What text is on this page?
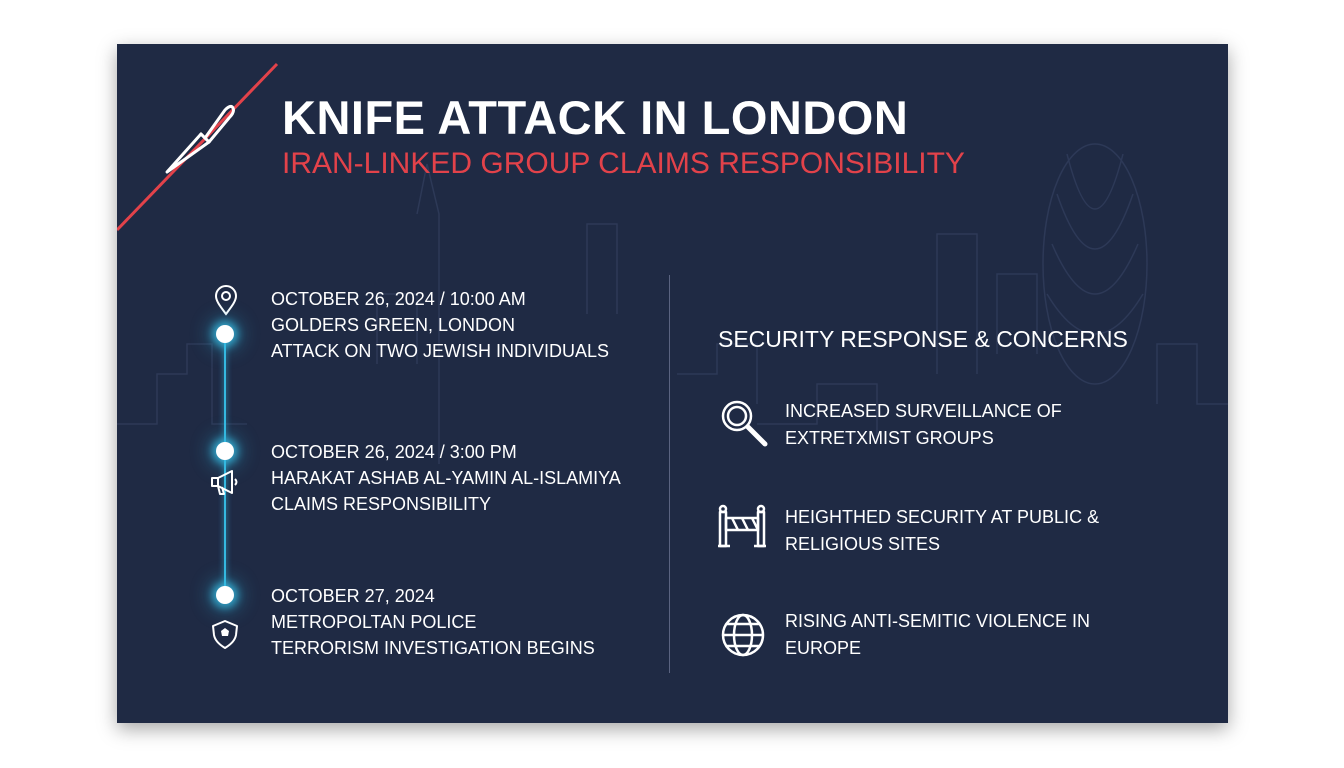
KNIFE ATTACK IN LONDON
IRAN-LINKED GROUP CLAIMS RESPONSIBILITY
OCTOBER 26, 2024 / 10:00 AM
GOLDERS GREEN, LONDON
ATTACK ON TWO JEWISH INDIVIDUALS
OCTOBER 26, 2024 / 3:00 PM
HARAKAT ASHAB AL-YAMIN AL-ISLAMIYA
CLAIMS RESPONSIBILITY
OCTOBER 27, 2024
METROPOLTAN POLICE
TERRORISM INVESTIGATION BEGINS
SECURITY RESPONSE & CONCERNS
INCREASED SURVEILLANCE OF
EXTRETXMIST GROUPS
HEIGHTHED SECURITY AT PUBLIC &
RELIGIOUS SITES
RISING ANTI-SEMITIC VIOLENCE IN
EUROPE
